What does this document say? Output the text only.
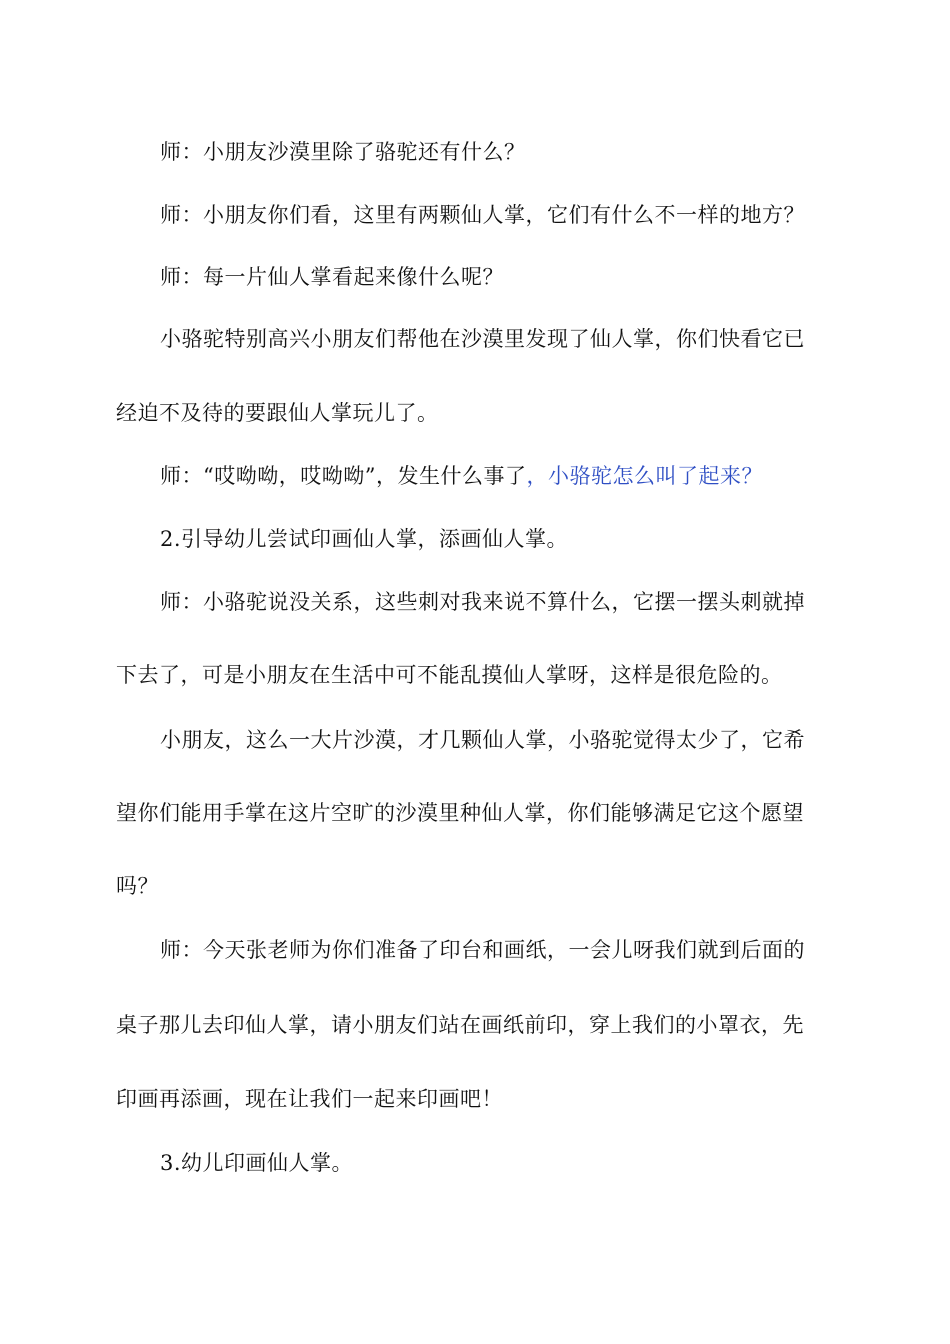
师：小朋友沙漠里除了骆驼还有什么？
师：小朋友你们看，这里有两颗仙人掌，它们有什么不一样的地方？
师：每一片仙人掌看起来像什么呢？
小骆驼特别高兴小朋友们帮他在沙漠里发现了仙人掌，你们快看它已
经迫不及待的要跟仙人掌玩儿了。
师：“哎呦呦，哎呦呦”，发生什么事了，小骆驼怎么叫了起来？
2.引导幼儿尝试印画仙人掌，添画仙人掌。
师：小骆驼说没关系，这些刺对我来说不算什么，它摆一摆头刺就掉
下去了，可是小朋友在生活中可不能乱摸仙人掌呀，这样是很危险的。
小朋友，这么一大片沙漠，才几颗仙人掌，小骆驼觉得太少了，它希
望你们能用手掌在这片空旷的沙漠里种仙人掌，你们能够满足它这个愿望
吗？
师：今天张老师为你们准备了印台和画纸，一会儿呀我们就到后面的
桌子那儿去印仙人掌，请小朋友们站在画纸前印，穿上我们的小罩衣，先
印画再添画，现在让我们一起来印画吧！
3.幼儿印画仙人掌。
